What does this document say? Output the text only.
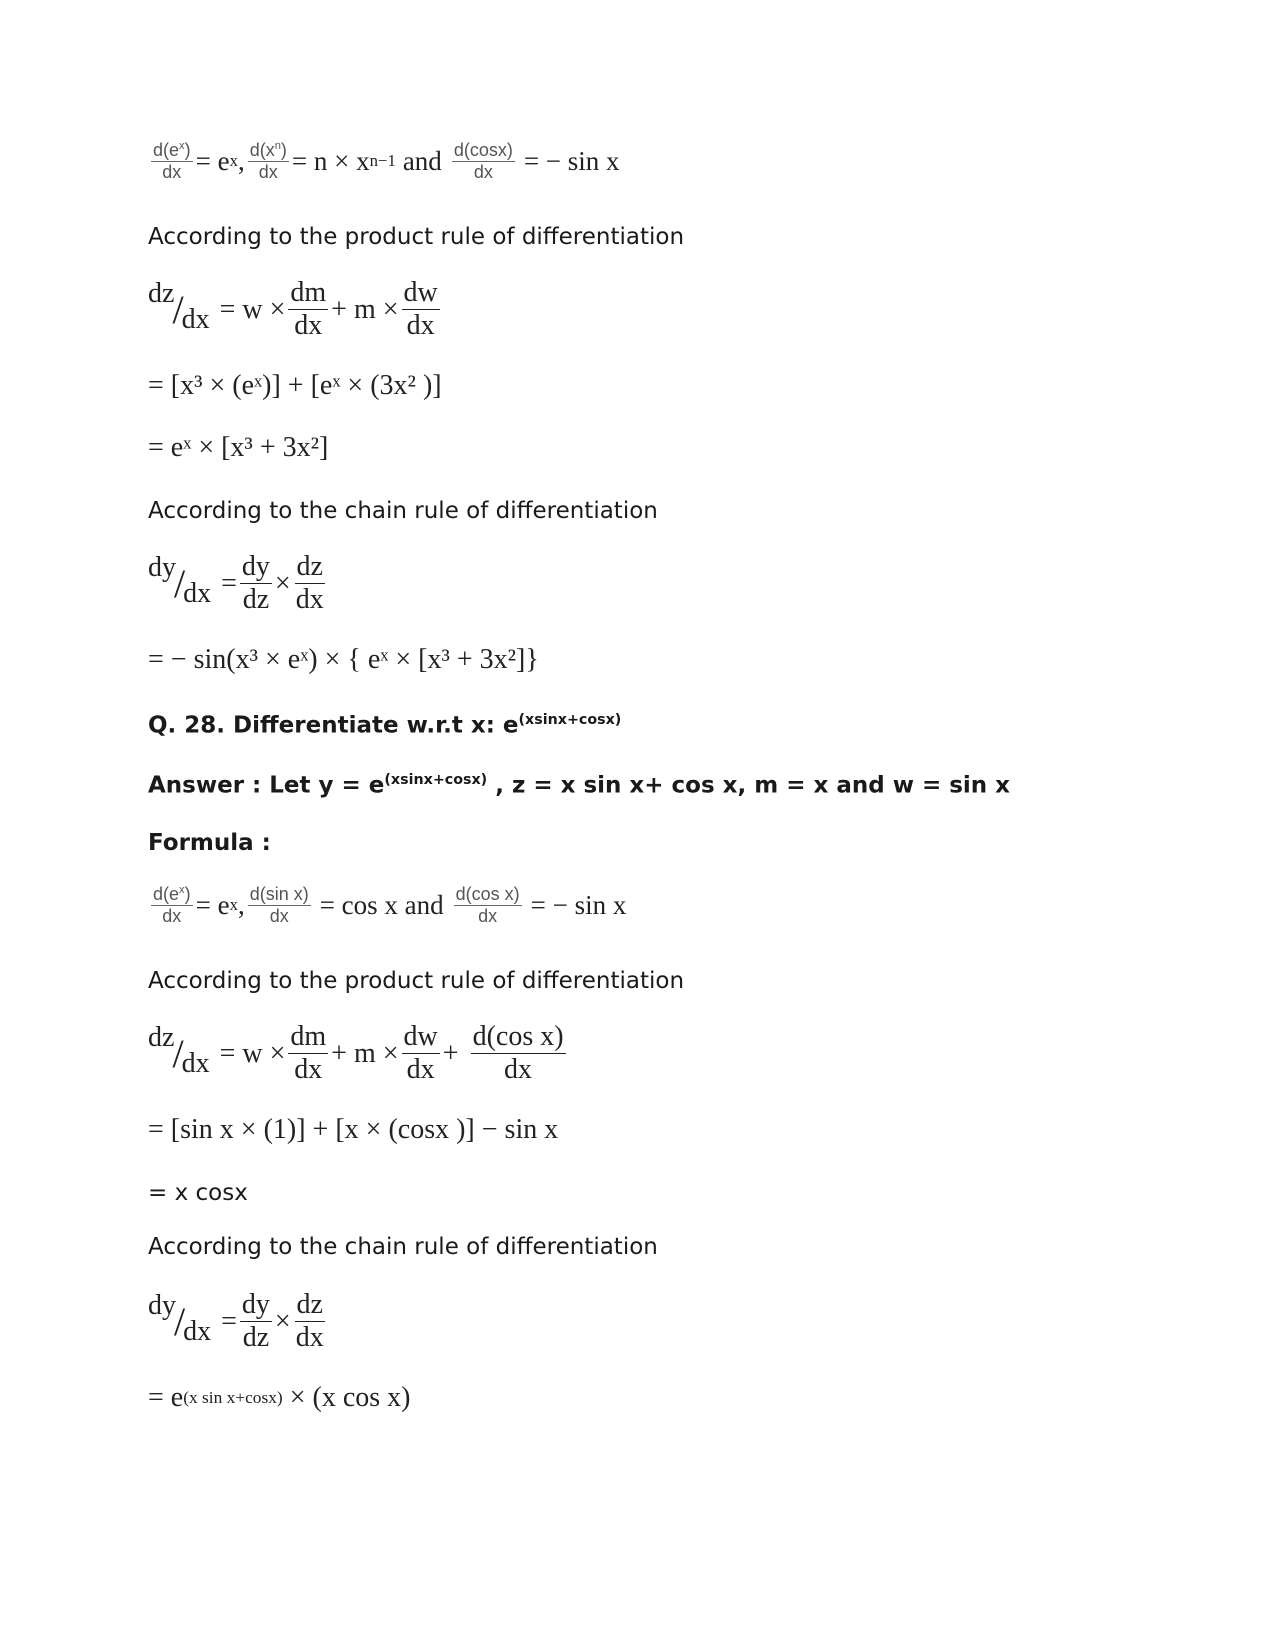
$\frac{d(e^x)}{dx} = e$ x , $\frac{d(x^n)}{dx} = n \times x$ n−1 and $\frac{d(\cos x)}{dx}$ = − sin x
According to the product rule of differentiation
dz
/
dx = $w \times \frac{dm}{dx} + m \times \frac{dw}{dx}$
= [x³ × (eˣ)] + [eˣ × (3x² )]
= eˣ × [x³ + 3x²]
According to the chain rule of differentiation
dy
/
dx = $\frac{dy}{dz} \times \frac{dz}{dx}$
= − sin(x³ × eˣ) × { eˣ × [x³ + 3x²]}
Q. 28. Differentiate w.r.t x: $e^{(xsinx+cosx)}$
Answer : Let $y = e^{(xsinx+cosx)}$ , z = x sin x+ cos x, m = x and w = sin x
Formula :
$\frac{d(e^x)}{dx} = e$ x , $\frac{\text{d(sin x)}}{dx} = \cos x$ and $\frac{\text{d(cos x)}}{dx}$ = − sin x
According to the product rule of differentiation
dz
/
dx = $w \times \frac{dm}{dx} + m \times \frac{dw}{dx} + \frac{\text{d(cos x)}}{dx}$
= [sin x × (1)] + [x × (cosx )] − sin x
= x cosx
According to the chain rule of differentiation
dy
/
dx = $\frac{dy}{dz} \times \frac{dz}{dx}$
= e (x sin x+cosx) × (x cos x)
